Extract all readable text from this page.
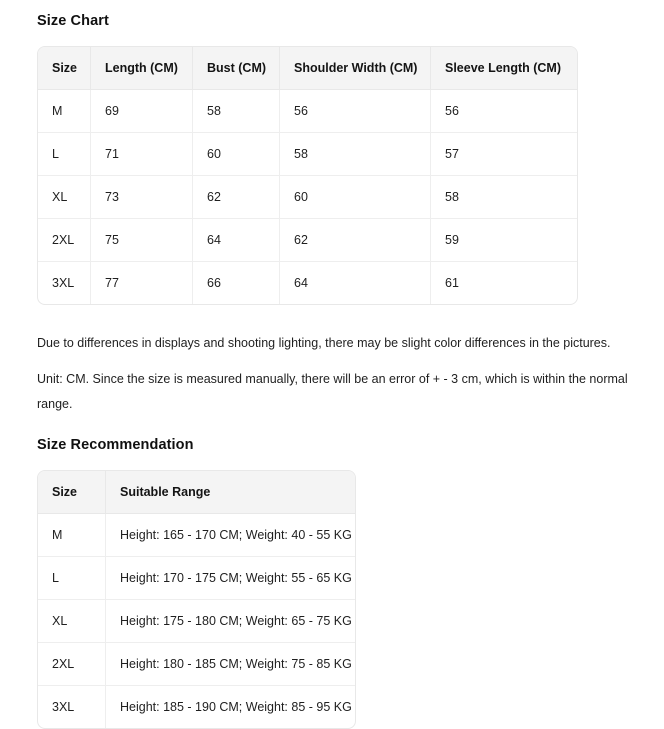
Size Chart
Size	Length (CM)	Bust (CM)	Shoulder Width (CM)	Sleeve Length (CM)
M	69	58	56	56
L	71	60	58	57
XL	73	62	60	58
2XL	75	64	62	59
3XL	77	66	64	61

Due to differences in displays and shooting lighting, there may be slight color differences in the pictures.

Unit: CM. Since the size is measured manually, there will be an error of + - 3 cm, which is within the normal range.

Size Recommendation
Size	Suitable Range
M	Height: 165 - 170 CM; Weight: 40 - 55 KG
L	Height: 170 - 175 CM; Weight: 55 - 65 KG
XL	Height: 175 - 180 CM; Weight: 65 - 75 KG
2XL	Height: 180 - 185 CM; Weight: 75 - 85 KG
3XL	Height: 185 - 190 CM; Weight: 85 - 95 KG
